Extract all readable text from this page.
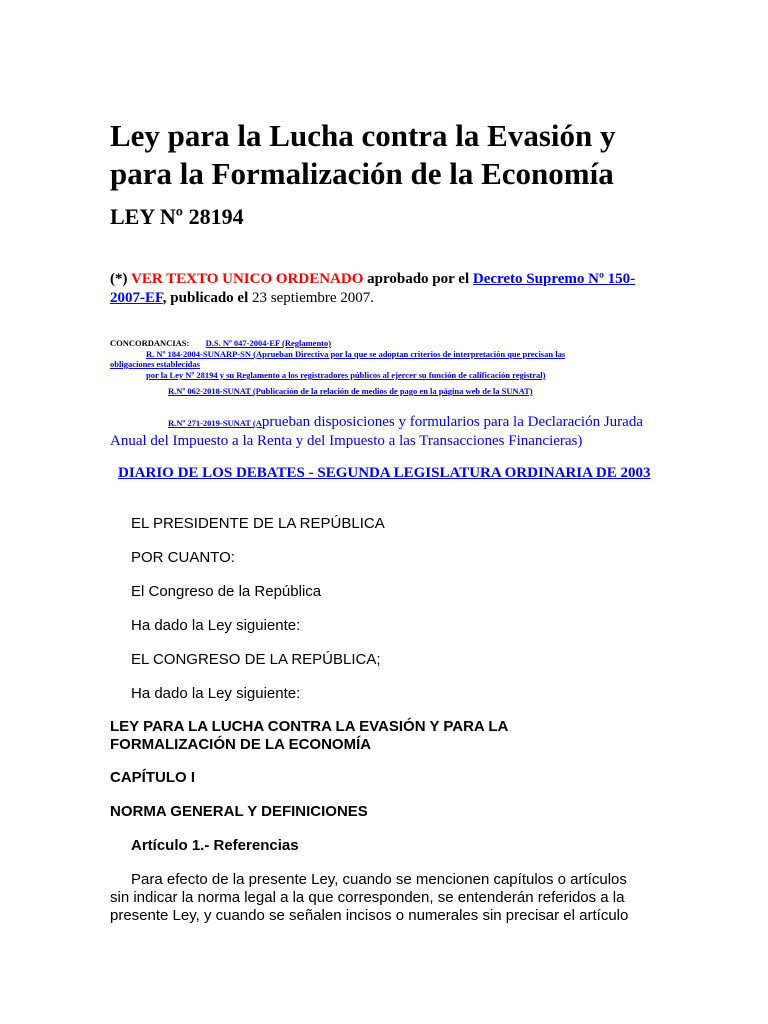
Ley para la Lucha contra la Evasión y
para la Formalización de la Economía
LEY Nº 28194
(*) VER TEXTO UNICO ORDENADO aprobado por el Decreto Supremo Nº 150-2007-EF, publicado el 23 septiembre 2007.
CONCORDANCIAS: D.S. Nº 047-2004-EF (Reglamento)
R. Nº 184-2004-SUNARP-SN (Aprueban Directiva por la que se adoptan criterios de interpretación que precisan las
obligaciones establecidas
por la Ley Nº 28194 y su Reglamento a los registradores públicos al ejercer su función de calificación registral)
R.Nº 062-2018-SUNAT (Publicación de la relación de medios de pago en la página web de la SUNAT)
R.Nº 271-2019-SUNAT (Aprueban disposiciones y formularios para la Declaración Jurada Anual del Impuesto a la Renta y del Impuesto a las Transacciones Financieras)
DIARIO DE LOS DEBATES - SEGUNDA LEGISLATURA ORDINARIA DE 2003
EL PRESIDENTE DE LA REPÚBLICA
POR CUANTO:
El Congreso de la República
Ha dado la Ley siguiente:
EL CONGRESO DE LA REPÚBLICA;
Ha dado la Ley siguiente:
LEY PARA LA LUCHA CONTRA LA EVASIÓN Y PARA LA
FORMALIZACIÓN DE LA ECONOMÍA
CAPÍTULO I
NORMA GENERAL Y DEFINICIONES
Artículo 1.- Referencias
Para efecto de la presente Ley, cuando se mencionen capítulos o artículos
sin indicar la norma legal a la que corresponden, se entenderán referidos a la
presente Ley, y cuando se señalen incisos o numerales sin precisar el artículo
